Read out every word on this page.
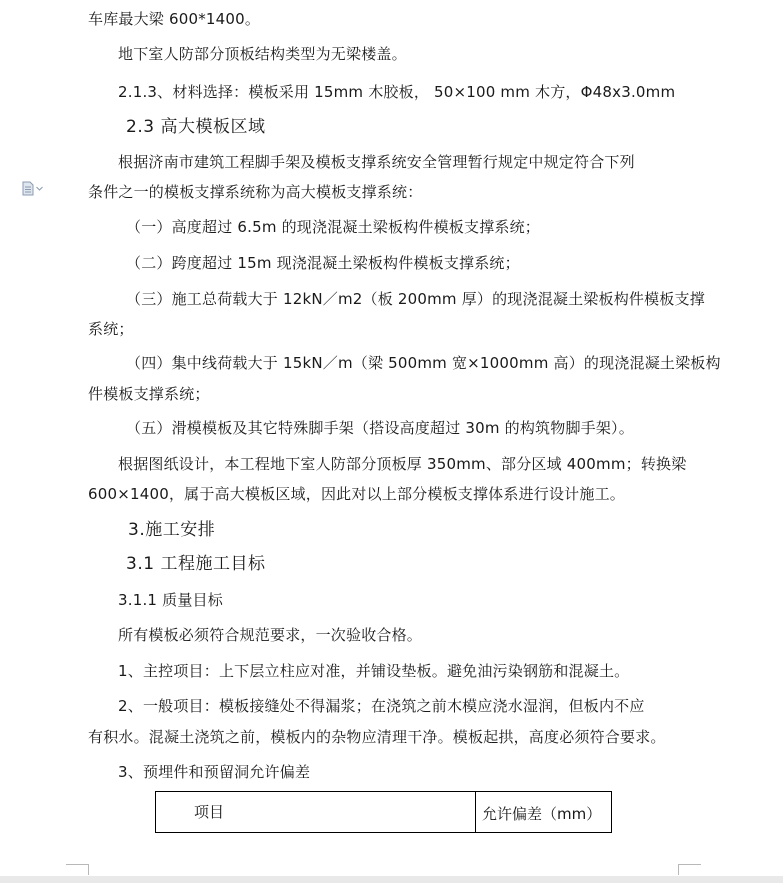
车库最大梁 600*1400。
地下室人防部分顶板结构类型为无梁楼盖。
2.1.3、材料选择：模板采用 15mm 木胶板， 50×100 mm 木方，Φ48x3.0mm
2.3 高大模板区域
根据济南市建筑工程脚手架及模板支撑系统安全管理暂行规定中规定符合下列
条件之一的模板支撑系统称为高大模板支撑系统：
（一）高度超过 6.5m 的现浇混凝土梁板构件模板支撑系统；
（二）跨度超过 15m 现浇混凝土梁板构件模板支撑系统；
（三）施工总荷载大于 12kN／m2（板 200mm 厚）的现浇混凝土梁板构件模板支撑
系统；
（四）集中线荷载大于 15kN／m（梁 500mm 宽×1000mm 高）的现浇混凝土梁板构
件模板支撑系统；
（五）滑模模板及其它特殊脚手架（搭设高度超过 30m 的构筑物脚手架）。
根据图纸设计，本工程地下室人防部分顶板厚 350mm、部分区域 400mm；转换梁
600×1400，属于高大模板区域，因此对以上部分模板支撑体系进行设计施工。
3.施工安排
3.1 工程施工目标
3.1.1 质量目标
所有模板必须符合规范要求，一次验收合格。
1、主控项目：上下层立柱应对准，并铺设垫板。避免油污染钢筋和混凝土。
2、一般项目：模板接缝处不得漏浆；在浇筑之前木模应浇水湿润，但板内不应
有积水。混凝土浇筑之前，模板内的杂物应清理干净。模板起拱，高度必须符合要求。
3、预埋件和预留洞允许偏差
项目	允许偏差（mm）
